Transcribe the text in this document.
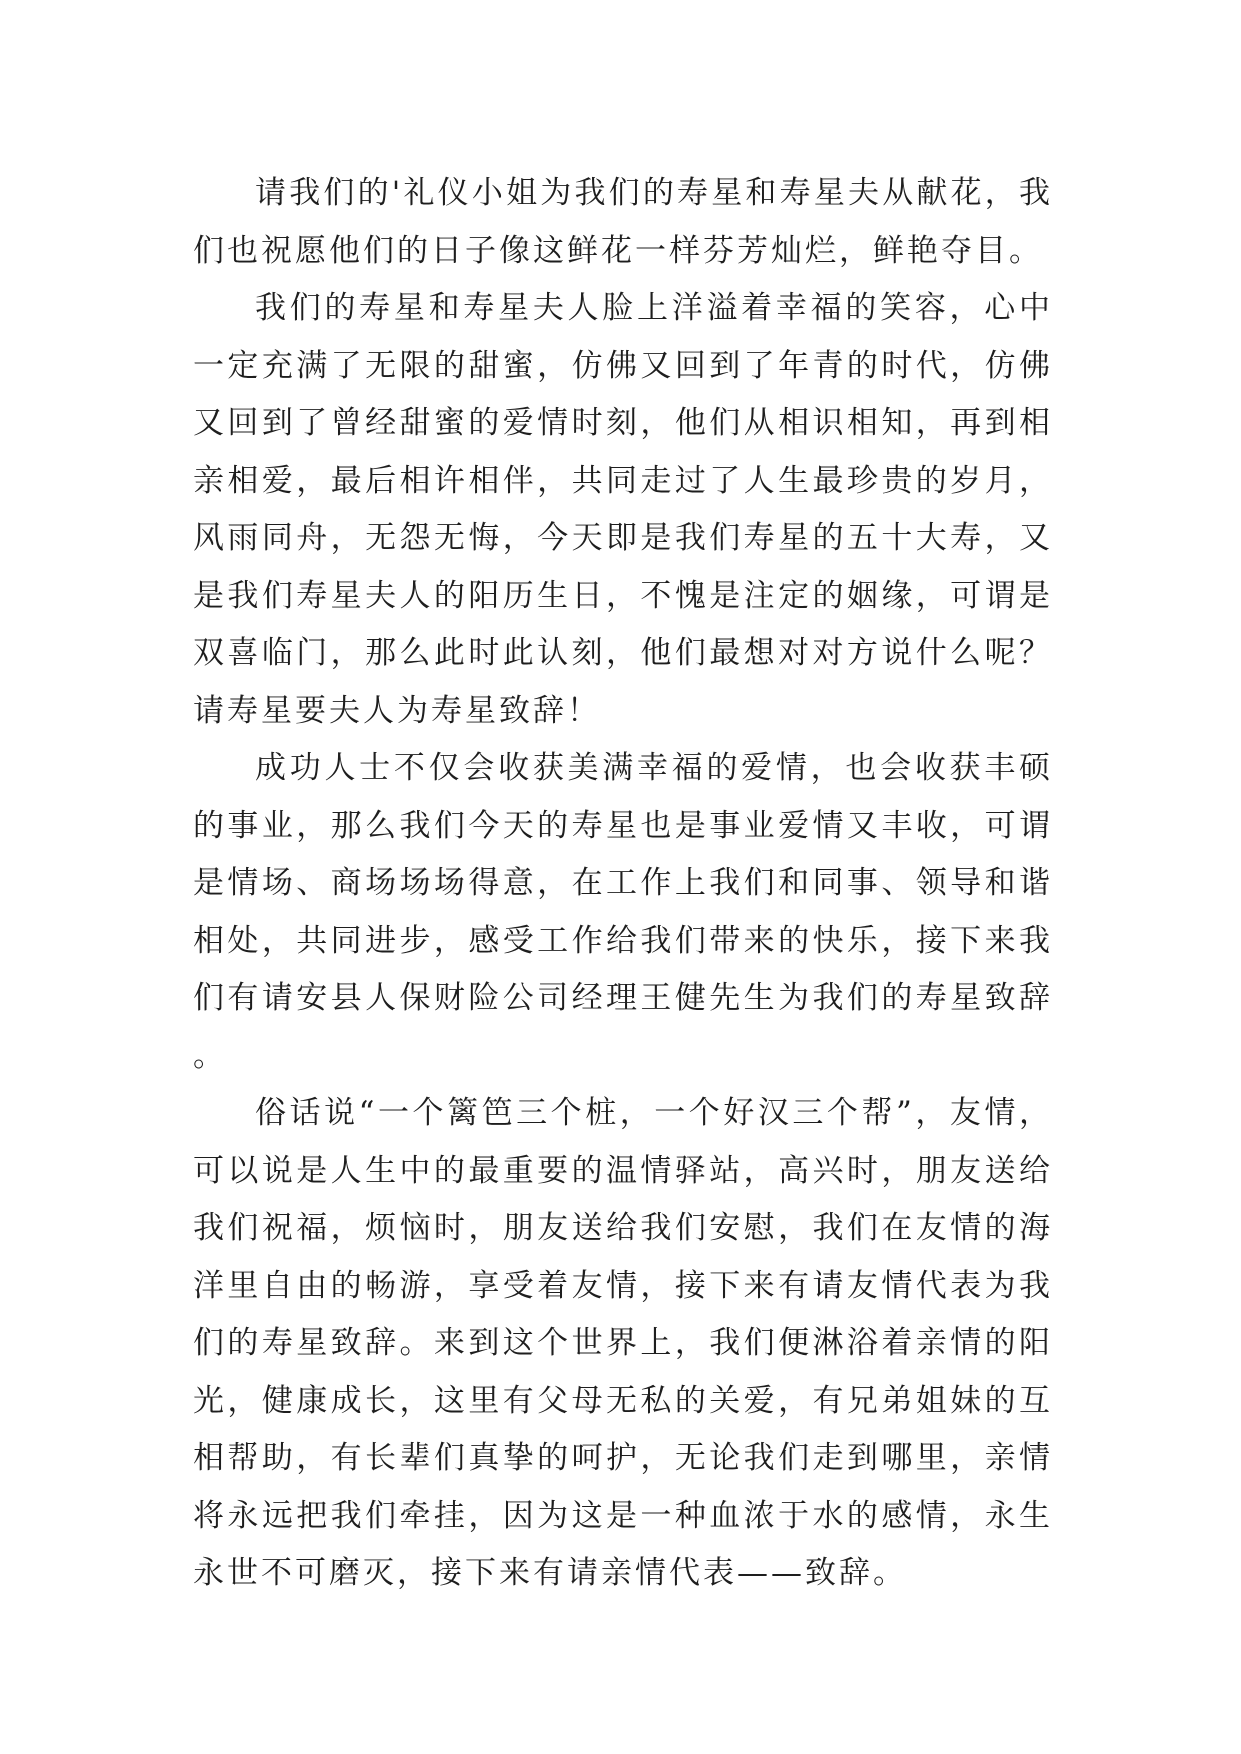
请我们的'礼仪小姐为我们的寿星和寿星夫从献花，我们也祝愿他们的日子像这鲜花一样芬芳灿烂，鲜艳夺目。

我们的寿星和寿星夫人脸上洋溢着幸福的笑容，心中一定充满了无限的甜蜜，仿佛又回到了年青的时代，仿佛又回到了曾经甜蜜的爱情时刻，他们从相识相知，再到相亲相爱，最后相许相伴，共同走过了人生最珍贵的岁月，风雨同舟，无怨无悔，今天即是我们寿星的五十大寿，又是我们寿星夫人的阳历生日，不愧是注定的姻缘，可谓是双喜临门，那么此时此认刻，他们最想对对方说什么呢？请寿星要夫人为寿星致辞！

成功人士不仅会收获美满幸福的爱情，也会收获丰硕的事业，那么我们今天的寿星也是事业爱情又丰收，可谓是情场、商场场场得意，在工作上我们和同事、领导和谐相处，共同进步，感受工作给我们带来的快乐，接下来我们有请安县人保财险公司经理王健先生为我们的寿星致辞。

俗话说“一个篱笆三个桩，一个好汉三个帮”，友情，可以说是人生中的最重要的温情驿站，高兴时，朋友送给我们祝福，烦恼时，朋友送给我们安慰，我们在友情的海洋里自由的畅游，享受着友情，接下来有请友情代表为我们的寿星致辞。来到这个世界上，我们便淋浴着亲情的阳光，健康成长，这里有父母无私的关爱，有兄弟姐妹的互相帮助，有长辈们真挚的呵护，无论我们走到哪里，亲情将永远把我们牵挂，因为这是一种血浓于水的感情，永生永世不可磨灭，接下来有请亲情代表——致辞。
